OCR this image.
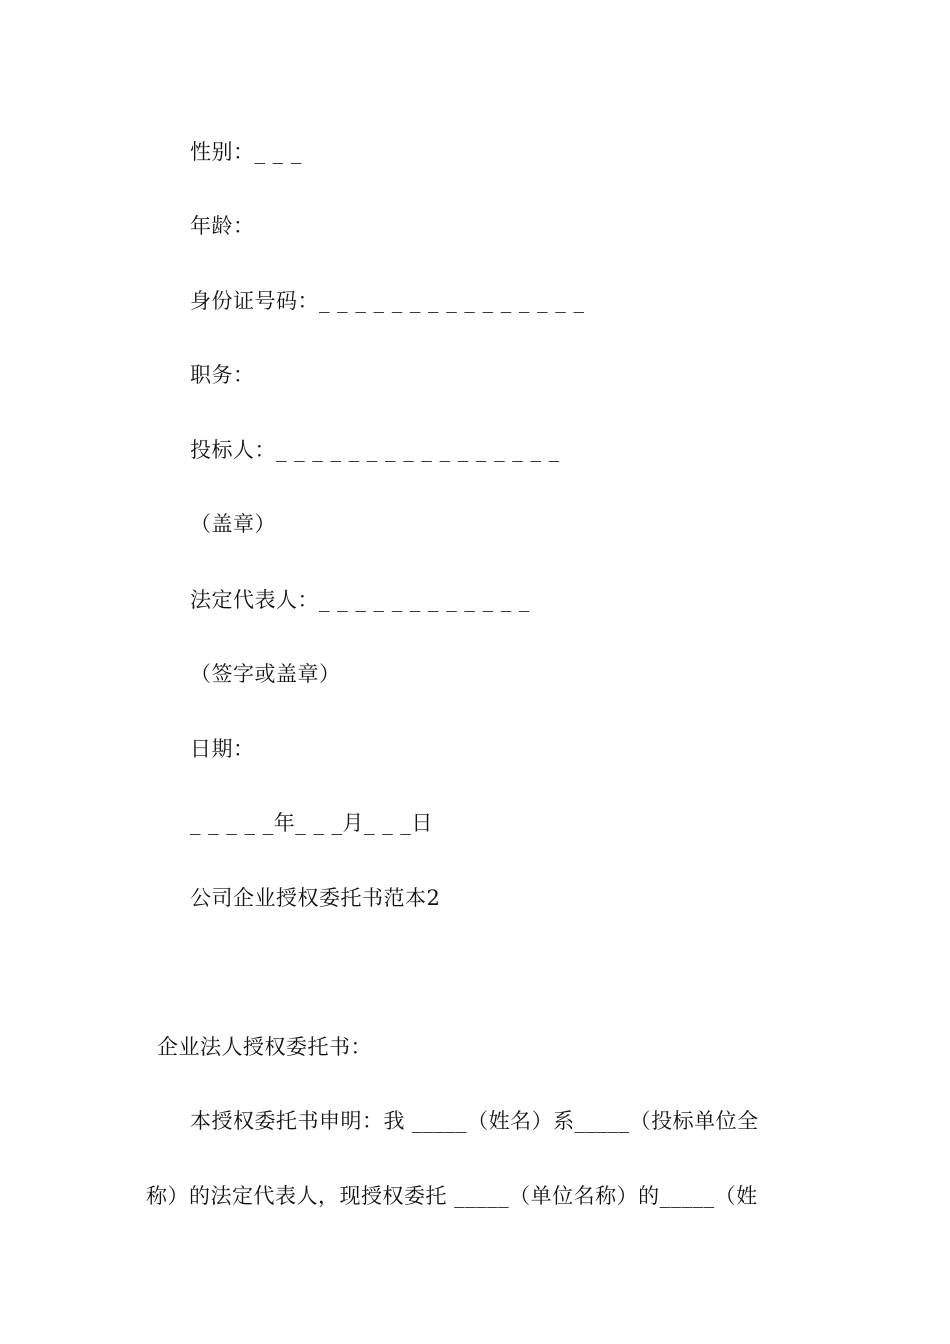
性别：_ _ _

年龄：

身份证号码：_ _ _ _ _ _ _ _ _ _ _ _ _ _ _

职务：

投标人：_ _ _ _ _ _ _ _ _ _ _ _ _ _ _ _

（盖章）

法定代表人：_ _ _ _ _ _ _ _ _ _ _ _

（签字或盖章）

日期：

_ _ _ _ _年_ _ _月_ _ _日

公司企业授权委托书范本2

企业法人授权委托书：

本授权委托书申明：我 _____（姓名）系_____（投标单位全

称）的法定代表人，现授权委托 _____（单位名称）的_____（姓
